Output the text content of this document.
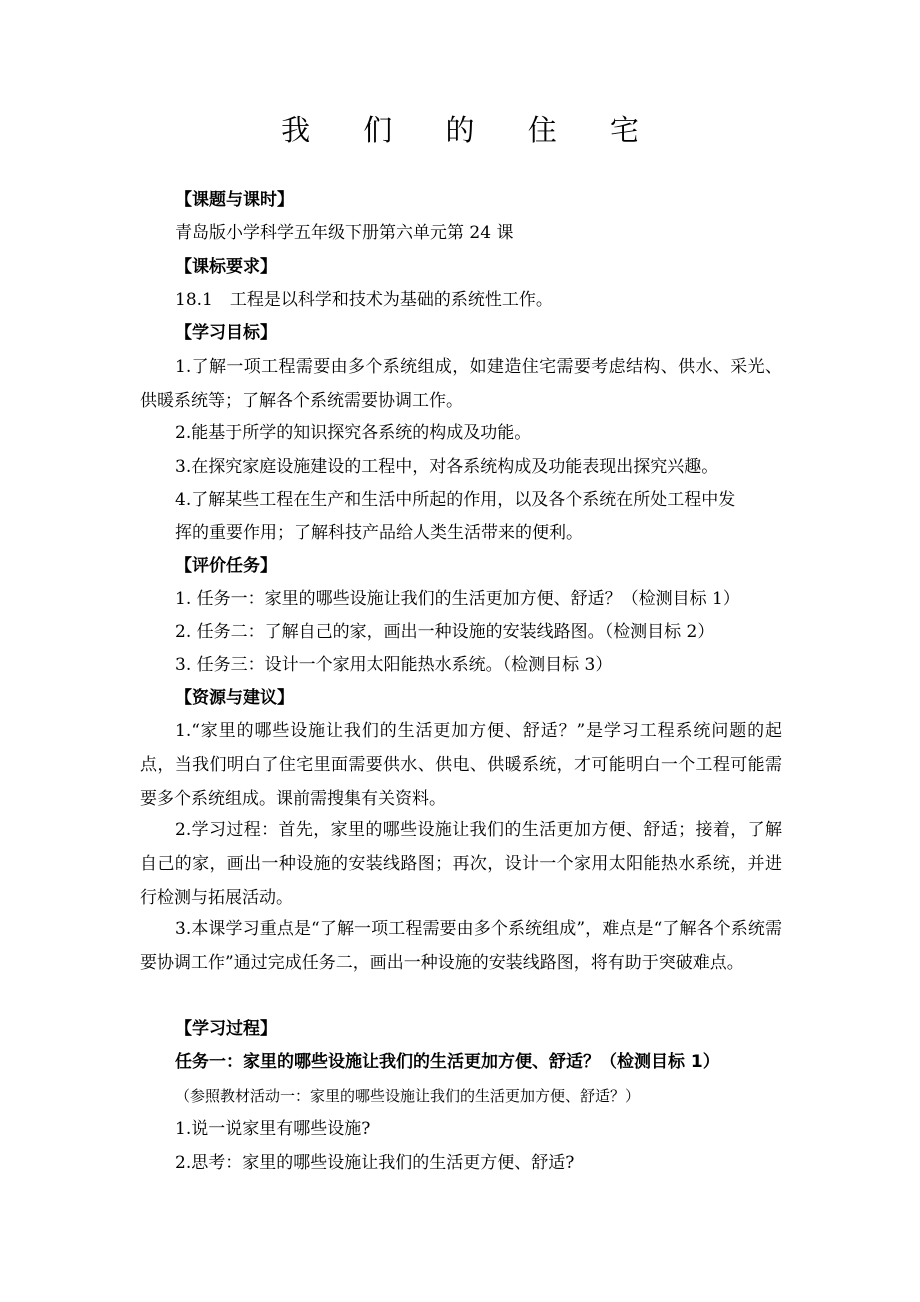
我 们 的 住 宅
【课题与课时】
青岛版小学科学五年级下册第六单元第 24 课
【课标要求】
18.1　工程是以科学和技术为基础的系统性工作。
【学习目标】
1.了解一项工程需要由多个系统组成，如建造住宅需要考虑结构、供水、采光、供暖系统等；了解各个系统需要协调工作。
2.能基于所学的知识探究各系统的构成及功能。
3.在探究家庭设施建设的工程中，对各系统构成及功能表现出探究兴趣。
4.了解某些工程在生产和生活中所起的作用，以及各个系统在所处工程中发
挥的重要作用；了解科技产品给人类生活带来的便利。
【评价任务】
1. 任务一：家里的哪些设施让我们的生活更加方便、舒适？（检测目标 1）
2. 任务二：了解自己的家，画出一种设施的安装线路图。（检测目标 2）
3. 任务三：设计一个家用太阳能热水系统。（检测目标 3）
【资源与建议】
1.“家里的哪些设施让我们的生活更加方便、舒适？”是学习工程系统问题的起点，当我们明白了住宅里面需要供水、供电、供暖系统，才可能明白一个工程可能需要多个系统组成。课前需搜集有关资料。
2.学习过程：首先，家里的哪些设施让我们的生活更加方便、舒适；接着，了解自己的家，画出一种设施的安装线路图；再次，设计一个家用太阳能热水系统，并进行检测与拓展活动。
3.本课学习重点是“了解一项工程需要由多个系统组成”，难点是“了解各个系统需要协调工作”通过完成任务二，画出一种设施的安装线路图，将有助于突破难点。
【学习过程】
任务一：家里的哪些设施让我们的生活更加方便、舒适？（检测目标 1）
（参照教材活动一：家里的哪些设施让我们的生活更加方便、舒适？）
1.说一说家里有哪些设施?
2.思考：家里的哪些设施让我们的生活更方便、舒适?
